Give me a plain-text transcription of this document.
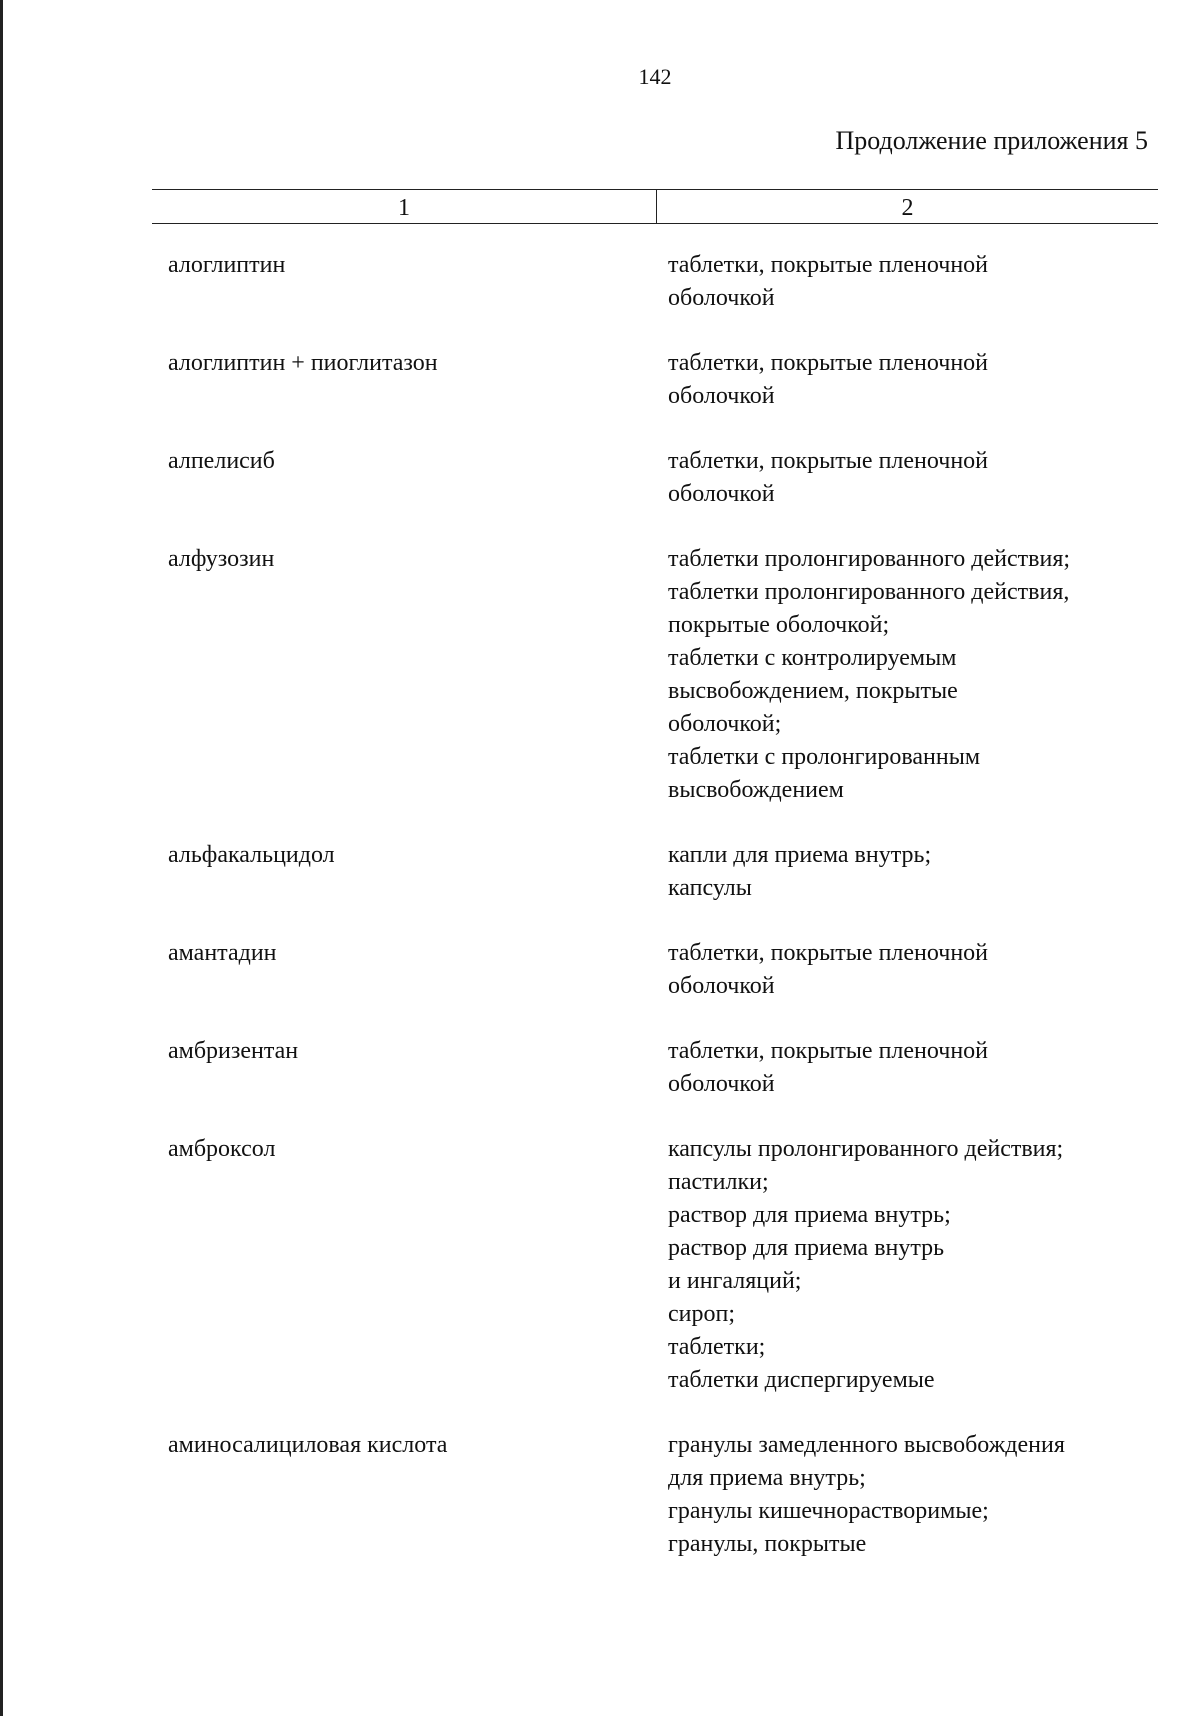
142
Продолжение приложения 5
1	2
алоглиптин	таблетки, покрытые пленочной
оболочкой
алоглиптин + пиоглитазон	таблетки, покрытые пленочной
оболочкой
алпелисиб	таблетки, покрытые пленочной
оболочкой
алфузозин	таблетки пролонгированного действия;
таблетки пролонгированного действия,
покрытые оболочкой;
таблетки с контролируемым
высвобождением, покрытые
оболочкой;
таблетки с пролонгированным
высвобождением
альфакальцидол	капли для приема внутрь;
капсулы
амантадин	таблетки, покрытые пленочной
оболочкой
амбризентан	таблетки, покрытые пленочной
оболочкой
амброксол	капсулы пролонгированного действия;
пастилки;
раствор для приема внутрь;
раствор для приема внутрь
и ингаляций;
сироп;
таблетки;
таблетки диспергируемые
аминосалициловая кислота	гранулы замедленного высвобождения
для приема внутрь;
гранулы кишечнорастворимые;
гранулы, покрытые
